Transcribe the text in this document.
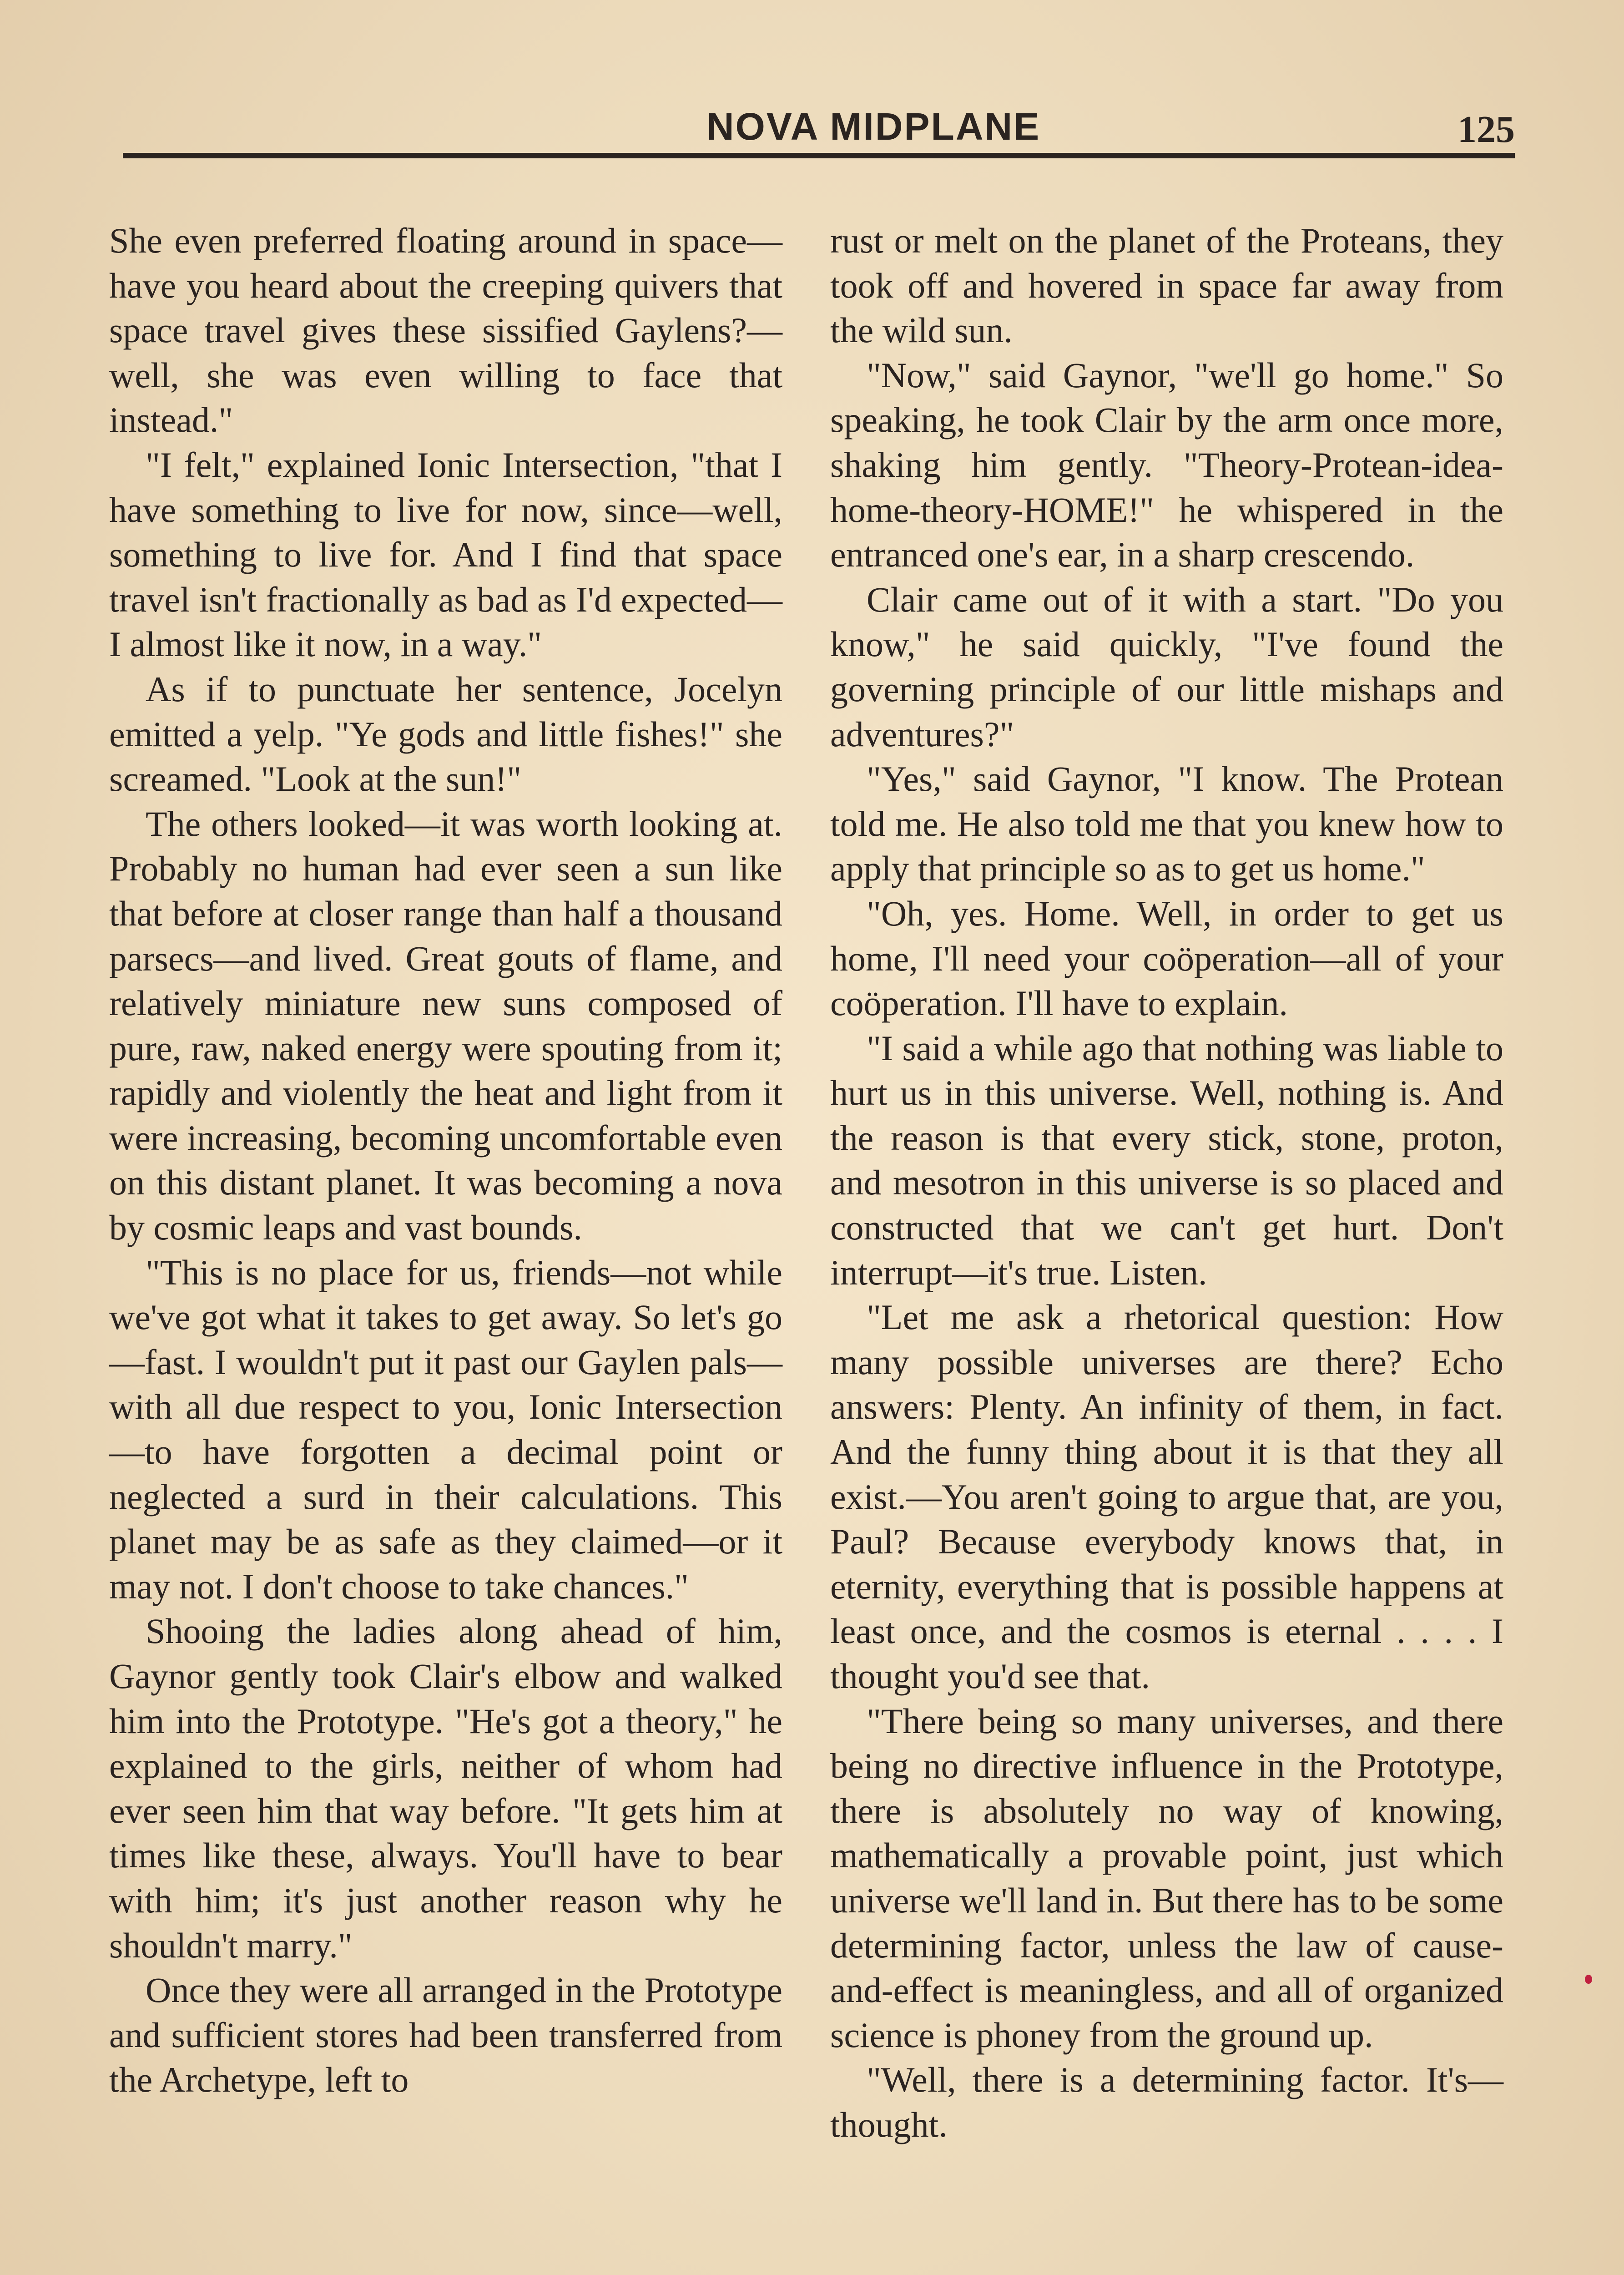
NOVA MIDPLANE	125

She even preferred floating around in space—have you heard about the creeping quivers that space travel gives these sissified Gaylens?—well, she was even willing to face that instead."

"I felt," explained Ionic Intersection, "that I have something to live for now, since—well, something to live for. And I find that space travel isn't fractionally as bad as I'd expected—I almost like it now, in a way."

As if to punctuate her sentence, Jocelyn emitted a yelp. "Ye gods and little fishes!" she screamed. "Look at the sun!"

The others looked—it was worth looking at. Probably no human had ever seen a sun like that before at closer range than half a thousand parsecs—and lived. Great gouts of flame, and relatively miniature new suns composed of pure, raw, naked energy were spouting from it; rapidly and violently the heat and light from it were increasing, becoming uncomfortable even on this distant planet. It was becoming a nova by cosmic leaps and vast bounds.

"This is no place for us, friends—not while we've got what it takes to get away. So let's go—fast. I wouldn't put it past our Gaylen pals—with all due respect to you, Ionic Intersection—to have forgotten a decimal point or neglected a surd in their calculations. This planet may be as safe as they claimed—or it may not. I don't choose to take chances."

Shooing the ladies along ahead of him, Gaynor gently took Clair's elbow and walked him into the Prototype. "He's got a theory," he explained to the girls, neither of whom had ever seen him that way before. "It gets him at times like these, always. You'll have to bear with him; it's just another reason why he shouldn't marry."

Once they were all arranged in the Prototype and sufficient stores had been transferred from the Archetype, left to

rust or melt on the planet of the Proteans, they took off and hovered in space far away from the wild sun.

"Now," said Gaynor, "we'll go home." So speaking, he took Clair by the arm once more, shaking him gently. "Theory-Protean-idea-home-theory-HOME!" he whispered in the entranced one's ear, in a sharp crescendo.

Clair came out of it with a start. "Do you know," he said quickly, "I've found the governing principle of our little mishaps and adventures?"

"Yes," said Gaynor, "I know. The Protean told me. He also told me that you knew how to apply that principle so as to get us home."

"Oh, yes. Home. Well, in order to get us home, I'll need your coöperation—all of your coöperation. I'll have to explain.

"I said a while ago that nothing was liable to hurt us in this universe. Well, nothing is. And the reason is that every stick, stone, proton, and mesotron in this universe is so placed and constructed that we can't get hurt. Don't interrupt—it's true. Listen.

"Let me ask a rhetorical question: How many possible universes are there? Echo answers: Plenty. An infinity of them, in fact. And the funny thing about it is that they all exist.—You aren't going to argue that, are you, Paul? Because everybody knows that, in eternity, everything that is possible happens at least once, and the cosmos is eternal . . . . I thought you'd see that.

"There being so many universes, and there being no directive influence in the Prototype, there is absolutely no way of knowing, mathematically a provable point, just which universe we'll land in. But there has to be some determining factor, unless the law of cause-and-effect is meaningless, and all of organized science is phoney from the ground up.

"Well, there is a determining factor. It's—thought.
